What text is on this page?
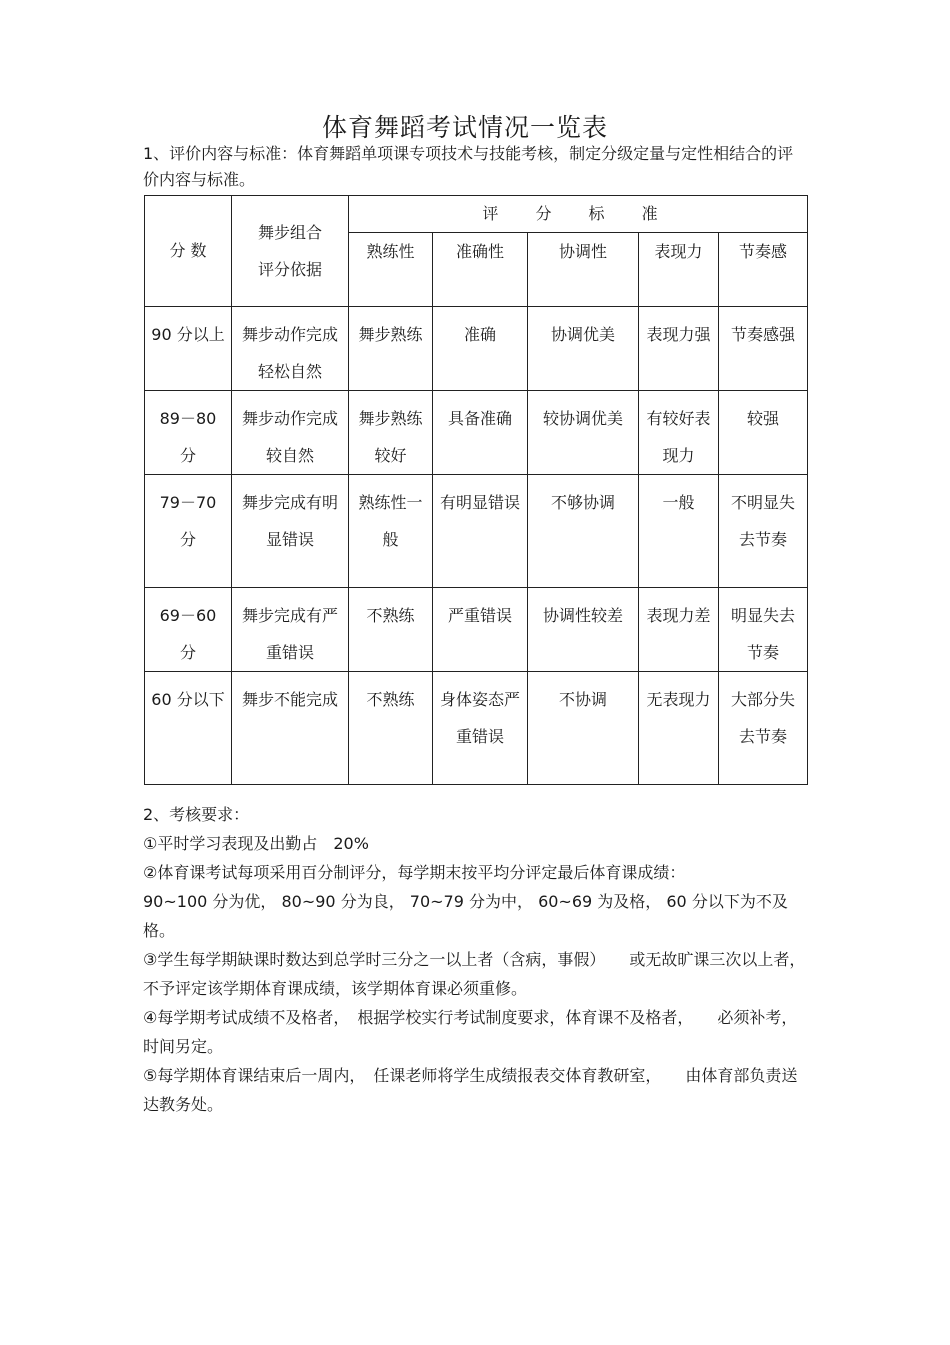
体育舞蹈考试情况一览表
1、评价内容与标准：体育舞蹈单项课专项技术与技能考核，制定分级定量与定性相结合的评价内容与标准。
分 数	舞步组合评分依据	评 分 标 准				
		熟练性	准确性	协调性	表现力	节奏感
90 分以上	舞步动作完成轻松自然	舞步熟练	准确	协调优美	表现力强	节奏感强
89－80 分	舞步动作完成较自然	舞步熟练较好	具备准确	较协调优美	有较好表现力	较强
79－70 分	舞步完成有明显错误	熟练性一般	有明显错误	不够协调	一般	不明显失去节奏
69－60 分	舞步完成有严重错误	不熟练	严重错误	协调性较差	表现力差	明显失去节奏
60 分以下	舞步不能完成	不熟练	身体姿态严重错误	不协调	无表现力	大部分失去节奏

2、考核要求：

①平时学习表现及出勤占　20%

②体育课考试每项采用百分制评分，每学期末按平均分评定最后体育课成绩：

90~100 分为优， 80~90 分为良， 70~79 分为中， 60~69 为及格， 60 分以下为不及格。

③学生每学期缺课时数达到总学时三分之一以上者（含病，事假）　　或无故旷课三次以上者，不予评定该学期体育课成绩，该学期体育课必须重修。

④每学期考试成绩不及格者，　根据学校实行考试制度要求，体育课不及格者，　　必须补考，时间另定。

⑤每学期体育课结束后一周内，　任课老师将学生成绩报表交体育教研室，　　由体育部负责送达教务处。
